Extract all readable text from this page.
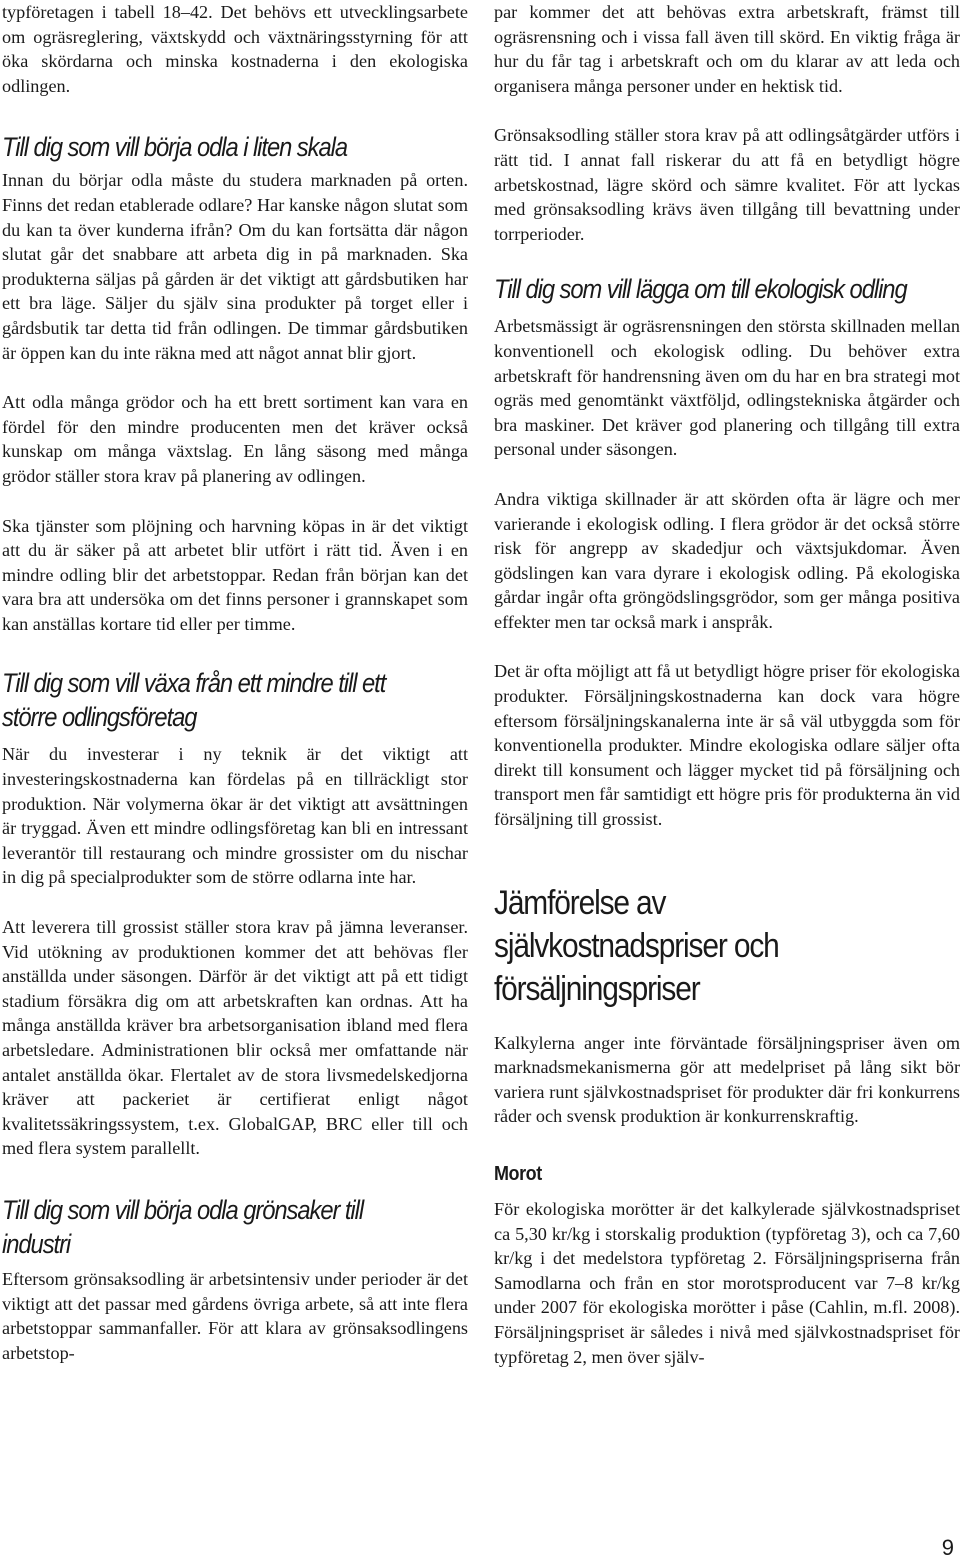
typföretagen i tabell 18–42. Det behövs ett utvecklingsarbete om ogräsreglering, växtskydd och växtnäringsstyrning för att öka skördarna och minska kostnaderna i den ekologiska odlingen.

Till dig som vill börja odla i liten skala

Innan du börjar odla måste du studera marknaden på orten. Finns det redan etablerade odlare? Har kanske någon slutat som du kan ta över kunderna ifrån? Om du kan fortsätta där någon slutat går det snabbare att arbeta dig in på marknaden. Ska produkterna säljas på gården är det viktigt att gårdsbutiken har ett bra läge. Säljer du själv sina produkter på torget eller i gårdsbutik tar detta tid från odlingen. De timmar gårdsbutiken är öppen kan du inte räkna med att något annat blir gjort.

Att odla många grödor och ha ett brett sortiment kan vara en fördel för den mindre producenten men det kräver också kunskap om många växtslag. En lång säsong med många grödor ställer stora krav på planering av odlingen.

Ska tjänster som plöjning och harvning köpas in är det viktigt att du är säker på att arbetet blir utfört i rätt tid. Även i en mindre odling blir det arbetstoppar. Redan från början kan det vara bra att undersöka om det finns personer i grannskapet som kan anställas kortare tid eller per timme.

Till dig som vill växa från ett mindre till ett större odlingsföretag

När du investerar i ny teknik är det viktigt att investeringskostnaderna kan fördelas på en tillräckligt stor produktion. När volymerna ökar är det viktigt att avsättningen är tryggad. Även ett mindre odlingsföretag kan bli en intressant leverantör till restaurang och mindre grossister om du nischar in dig på specialprodukter som de större odlarna inte har.

Att leverera till grossist ställer stora krav på jämna leveranser. Vid utökning av produktionen kommer det att behövas fler anställda under säsongen. Därför är det viktigt att på ett tidigt stadium försäkra dig om att arbetskraften kan ordnas. Att ha många anställda kräver bra arbetsorganisation ibland med flera arbetsledare. Administrationen blir också mer omfattande när antalet anställda ökar. Flertalet av de stora livsmedelskedjorna kräver att packeriet är certifierat enligt något kvalitetssäkringssystem, t.ex. GlobalGAP, BRC eller till och med flera system parallellt.

Till dig som vill börja odla grönsaker till industri

Eftersom grönsaksodling är arbetsintensiv under perioder är det viktigt att det passar med gårdens övriga arbete, så att inte flera arbetstoppar sammanfaller. För att klara av grönsaksodlingens arbetstop-

par kommer det att behövas extra arbetskraft, främst till ogräsrensning och i vissa fall även till skörd. En viktig fråga är hur du får tag i arbetskraft och om du klarar av att leda och organisera många personer under en hektisk tid.

Grönsaksodling ställer stora krav på att odlingsåtgärder utförs i rätt tid. I annat fall riskerar du att få en betydligt högre arbetskostnad, lägre skörd och sämre kvalitet. För att lyckas med grönsaksodling krävs även tillgång till bevattning under torrperioder.

Till dig som vill lägga om till ekologisk odling

Arbetsmässigt är ogräsrensningen den största skillnaden mellan konventionell och ekologisk odling. Du behöver extra arbetskraft för handrensning även om du har en bra strategi mot ogräs med genomtänkt växtföljd, odlingstekniska åtgärder och bra maskiner. Det kräver god planering och tillgång till extra personal under säsongen.

Andra viktiga skillnader är att skörden ofta är lägre och mer varierande i ekologisk odling. I flera grödor är det också större risk för angrepp av skadedjur och växtsjukdomar. Även gödslingen kan vara dyrare i ekologisk odling. På ekologiska gårdar ingår ofta gröngödslingsgrödor, som ger många positiva effekter men tar också mark i anspråk.

Det är ofta möjligt att få ut betydligt högre priser för ekologiska produkter. Försäljningskostnaderna kan dock vara högre eftersom försäljningskanalerna inte är så väl utbyggda som för konventionella produkter. Mindre ekologiska odlare säljer ofta direkt till konsument och lägger mycket tid på försäljning och transport men får samtidigt ett högre pris för produkterna än vid försäljning till grossist.

Jämförelse av självkostnadspriser och försäljningspriser

Kalkylerna anger inte förväntade försäljningspriser även om marknadsmekanismerna gör att medelpriset på lång sikt bör variera runt självkostnadspriset för produkter där fri konkurrens råder och svensk produktion är konkurrenskraftig.

Morot

För ekologiska morötter är det kalkylerade självkostnadspriset ca 5,30 kr/kg i storskalig produktion (typföretag 3), och ca 7,60 kr/kg i det medelstora typföretag 2. Försäljningspriserna från Samodlarna och från en stor morotsproducent var 7–8 kr/kg under 2007 för ekologiska morötter i påse (Cahlin, m.fl. 2008). Försäljningspriset är således i nivå med självkostnadspriset för typföretag 2, men över själv-

9
